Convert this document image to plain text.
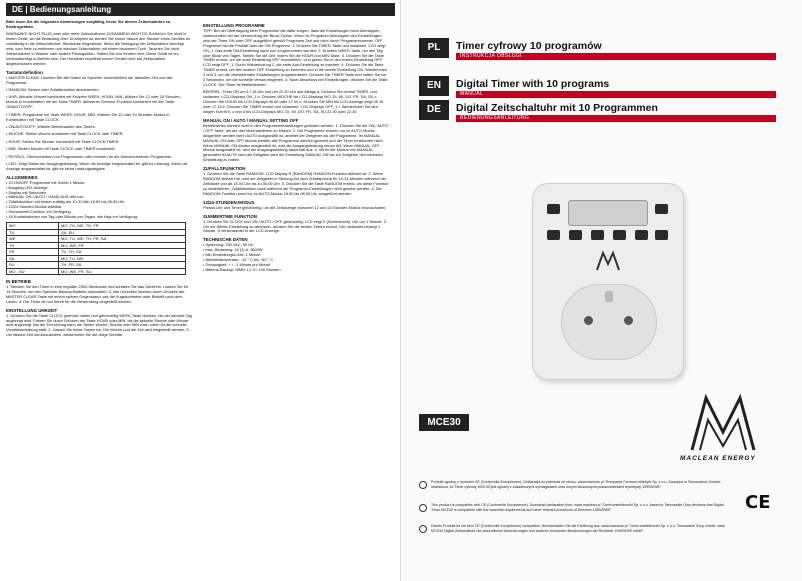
DE | Bedienungsanleitung

Bitte lesen Sie die folgenden Anweisungen sorgfältig, bevor Sie diesen Zeitschaltuhre zu Elektrogeräten

WARNUNG! NICHT PLUG zwei oder mehr Zeitschaltuhre ZUSAMMEN! WICHTIG Schließen Sie nicht in einem Gerät, wo die Belastung über 16 Ampere ist. Achten Sie immer darauf den Stecker eines Gerätes ist vollständig in die Zeitschaltuhre -Steckdose eingesteckt. Wenn die Reinigung der Zeitschaltuhr benötigt wird, vom Netz zu entfernen und wischen Zeitschaltuhr mit einem trockenen Tuch. Tauchen Sie nicht Zeitschaltuhre in Wasser oder andere Flüssigkeiten. Halten Sie von Kindern fern. Diese Gerät ist nur unbeaufsichtigt in Betrieb sein. Der Hersteller empfiehlt solche Geräte nicht auf Zeitschaltuhr angeschlossen werden.

Tastaturdefinition

• MASTER CLEAR: Löschen Sie alle Daten im Speicher einschließlich der aktuellen Zeit und alle Programme.

• RANDOM: Setzen oder Zufallsfunktion abzubrechen.

• UHR: Aktuelle Uhrzeit kombiniert mit Knöpfen WEEK, HOUR, MIN. Wählen Sie 12 oder 24 Stunden-Modus in Kombination mit der Taste TIMER. Aktivieren Sommer-Funktion kombiniert mit der Taste ON/AUTO/OFF.

• TIMER: Programme mit Taste WEEK, HOUR, MIN. Wählen Sie 12 oder 24 Stunden-Modus in Kombination mit Taste CLOCK.

• ON/AUTO/OFF: Wählen Betriebsarten des Timers.

• WOCHE: Stellen Woche kombiniert mit Taste CLOCK oder TIMER.

• HOUR: Stellen Sie Stunde, kombiniert mit Taste CLOCK/TIMER.

• MIN: Stellen Minute mit Taste CLOCK oder TIMER kombiniert.

• RST/RCL: Überschreiben von Programmen oder erinnern an die überschriebenen Programme.

• LED: Zeigt Status der Ausgangsleistung. Wenn die Anzeige eingeschaltet ist, gibt es Leistung. Wenn die Anzeige ausgeschaltet ist, gibt es keine Leistungsabgabe.

ALLGEMEINES
• 10 ON/OFF-Programme mit Schritt 1 Minute.
• Ausgang LED-Anzeige.
• Display mit Sekunden.
• MANUAL ON / AUTO / HAND AUS with bar
• Zufallsfunktion mit einem zufällig am 10-31 Min 18.00 bis 06.00 Uhr
• 12/24 Stunden-Modus wählbar
• Sommerzeit-Funktion zur Verfügung
• 16 Kombinationen von Tag oder Blöcke von Tagen, wie folgt zur Verfügung:
MO	MO, TU, WE, TH, FR
TU	SA, SU
WE	MO, TU, WE, TH, FR, SA
TH	MO, WE, FR
FR	TU, TH, SA
SA	MO, TU, WE
SU	TH, FR, SA
MO - SU	MO, WE, FR, SU
IN BETRIEB

1. Stecken Sie den Timer in eine reguläre 230V-Steckdose und schalten Sie das Gerät ein. Lassen Sie für 14 Stunden, um den Speicher-Backup-Batterie aufzuladen. 2. Alle Uhrzeiten löschen durch Drücken der MASTER CLEAR-Taste mit einem spitzen Gegenstand, wie die Kugelschreiber oder Bleistift nach dem Laden. 3. Der Timer ist nun bereit für die Verwendung eingestellt werden.

EINSTELLUNG UHRZEIT

1. Drücken Sie die Taste CLOCK gedrückt halten und gleichzeitig WEEK-Taste drücken, bis der aktuelle Tag angezeigt wird. Fahren Sie durch Drücken der Taste HOUR oder MIN, bis die aktuelle Stunde oder Minute wird angezeigt. Bei der Einrichtung kann die Tasten Woche, Stunde oder MIN nach unten für die schnelle Vorwärtsschaltung statt. 2. Lassen Sie beide Tasten los. Die Woche und die Zeit wird eingestellt werden. 3. Um falsche Zeit zurückzusetzen, wiederholen Sie die obige Schritte.

EINSTELLUNG PROGRAMME

TIPP: Bei der Übertragung Ihrer Programme die dafür sorgen, dass die Einstellungen nicht überlappen, insbesondere bei der Verwendung der Block-Option. Wenn es Programm überlappen den Einstellungen, wird der Timer ON oder OFF ausgeführt gemäß Programm Zeit und nicht durch Programmnummer. OFF Programm hat die Priorität über die ON-Programm. 1. Drücken Sie TIMER-Taste und loslassen, LCD zeigt ON_1. Das erste ON-Einstellung kann nun vorgenommen werden. 2. Drücken WEEK-Taste, um den Tag oder Block von Tagen. Stellen Sie die Zeit, indem Sie die HOUR und MIN-Taste. 3. Drücken Sie die Taste TIMER erneut, um die erste Einstellung OFF einzustellen. Und geben Sie in den ersten Einstellung OFF. LCD zeigt OFF_1. Durch Wiederholung 2, die erste Aus-Einstellung zu machen. 4. Drücken Sie die Taste TIMER erneut, um den andern OFF Einstellung zu beenden und in die zweite Einstellung ON. Wiederholen 2 und 3, um die verbleibenden Einstellungen programmieren. Drücken Sie TIMER Taste und halten Sie sie 2 Sekunden, um die schnelle Versus eingeben. 5. Nach Abschluss der Einstellungen, drücken Sie die Taste CLOCK. Der Timer ist betriebsbereit.

BEISPIEL: Timer ON um 17.15 Uhr und um 22.30 Uhr aus Alltags a. Drücken Sie einmal TIMER, und loslassen, LCD-Displays ON_1 b. Drücken WOCHE bis LCD-Displays MO, DI, MI, DO, FR, SA, SU c. Drücken Sie HOUR bis LCD-Displays 06.00 oder 17.00 d. Drücken Sie MIN bis LCD-Anzeige zeigt 05 15 oder 17.15 e. Drücken Sie TIMER erneut und loslassen, LCD-Displays OFF_1 f. Wiederholen Sie den obigen Schritt b, c und d bis LCD-Displays MO, DI, MI, DO, FR, SA, SU 22.30 oder 22.30

MANUAL ON / AUTO / MANUAL SETTING OFF

Betriebsarten können nicht in den Programmeinstellungen geändert werden. 1. Drücken Sie die ON / AUTO / OFF-Taste, um die drei Modi wiederum zu blicken. 2. Die Programme können nur im AUTO-Modus ausgeführt werden wenn AUTO ausgewählt ist, arbeitet der Zeitgeber als der Programme. Im MANUAL MANUAL ON oder OFF-Modus werden alle Programme werden ignoriert und der Timer funktioniert nicht. Wenn MANUAL ON-Modus ausgewählt ist, wird die Ausgangsleistung immer AN. Wenn MANUAL OFF-Modus ausgewählt ist, wird die Ausgangsleistung dauerhaft aus. 3. Wenn der Modus von MANUAL geschaltet ist AUTO wird der Zeitgeber wird die Einstellung MANUAL ON bis zur Zeitgeber den nächsten Einstellung zu halten.

ZUFALLSFUNKTION

1. Drücken Sie die Taste RANDOM. LCD-Display R (RANDOM) RANDOM-Funktion aktiviert ist. 2. Wenn RANDOM aktiviert ist, wird der Zeitgeber in Stellung Auf dem Zufallsprinzip für 10-31 Minuten während der Zeitdauer von ab 18.00 Uhr bis zu 06.00 Uhr. 3. Drücken Sie die Taste RANDOM erneut, um diese Funktion zu deaktivieren. Zufallsfunktion kann während der Programm-Einstellungen nicht gesetzt werden. 4. Die RANDOM-Funktion kann nur im AUTO-Modus 18.00 bis 06.00 Uhr ausgeführt werden.

12/24-STUNDEN-MODUS

Presse-Uhr und Timer gleichzeitig, um die Zeitanzeige zwischen 12 und 24 Stunden-Modus einzuschalten.

SUMMERTIME FUNKTION

1. Drücken Sie CLOCK und ON / AUTO / OFF gleichzeitig. LCD zeigt S (Sommerzeit). Uhr um 1 Stunde. 2. Um zur Winter-Einstellung zu wechseln, drücken Sie die beiden Tasten erneut. Uhr rückwärts bewegt 1 Stunde. S verschwindet in der LCD-Anzeige.

TECHNISCHE DATEN
• Spannung: 230 VAC, 50 Hz
• max. Belastung: 16 (2) A, 3600W
• Min Einstellungsz-Zeit: 1 Minute
• Betriebstemperatur: -10 ° C bis +40 ° C
• Genauigkeit: + / - 1 Minute pro Monat
• Batterie-Backup: NiMH 1,2 V> 100 Stunden
PL	Timer cyfrowy 10 programów
INSTRUKCJA OBSŁUGI
EN	Digital Timer with 10 programs
MANUAL
DE	Digital Zeitschaltuhr mit 10 Programmen
BEDIENUNGSANLEITUNG
MCE30
MACLEAN ENERGY
Produkt zgodny z normami CE (Conformité Européenne). Deklaracja do pobrania ze strony: www.maclean.pl "Kompanie Centrum elektryki Sp. z o.o. Zarządca w Tarnowskich Górach oświadcza, że Timer cyfrowy MCE30 jest zgodny z zasadniczymi wymaganiami oraz innymi stosownymi postanowieniami dyrektywy 1999/5/WE"
This product is compatible with CE (Conformité Européenne). Download declaration from: www.maclean.pl "Centrumelektroniki Sp. z o.o. based in Tarnowskie Góry declares that Digital Timer MCE30 is compatible with the essential requirements and other relevant provisions of Directive 1999/5/WE"
Dieses Produkt ist mit dem CE (Conformité Européenne) kompatibel. Herunterladen Sie die Erklärung aus: www.maclean.pl "Centrumelektroniki Sp. z o.o. Tarnowskie Góry, erklärt, dass MCE30 Digital Zeitschaltuhr die wesentlichen Anforderungen und anderen relevanten Bestimmungen der Richtlinie 1999/5/WE erfüllt"
CE
